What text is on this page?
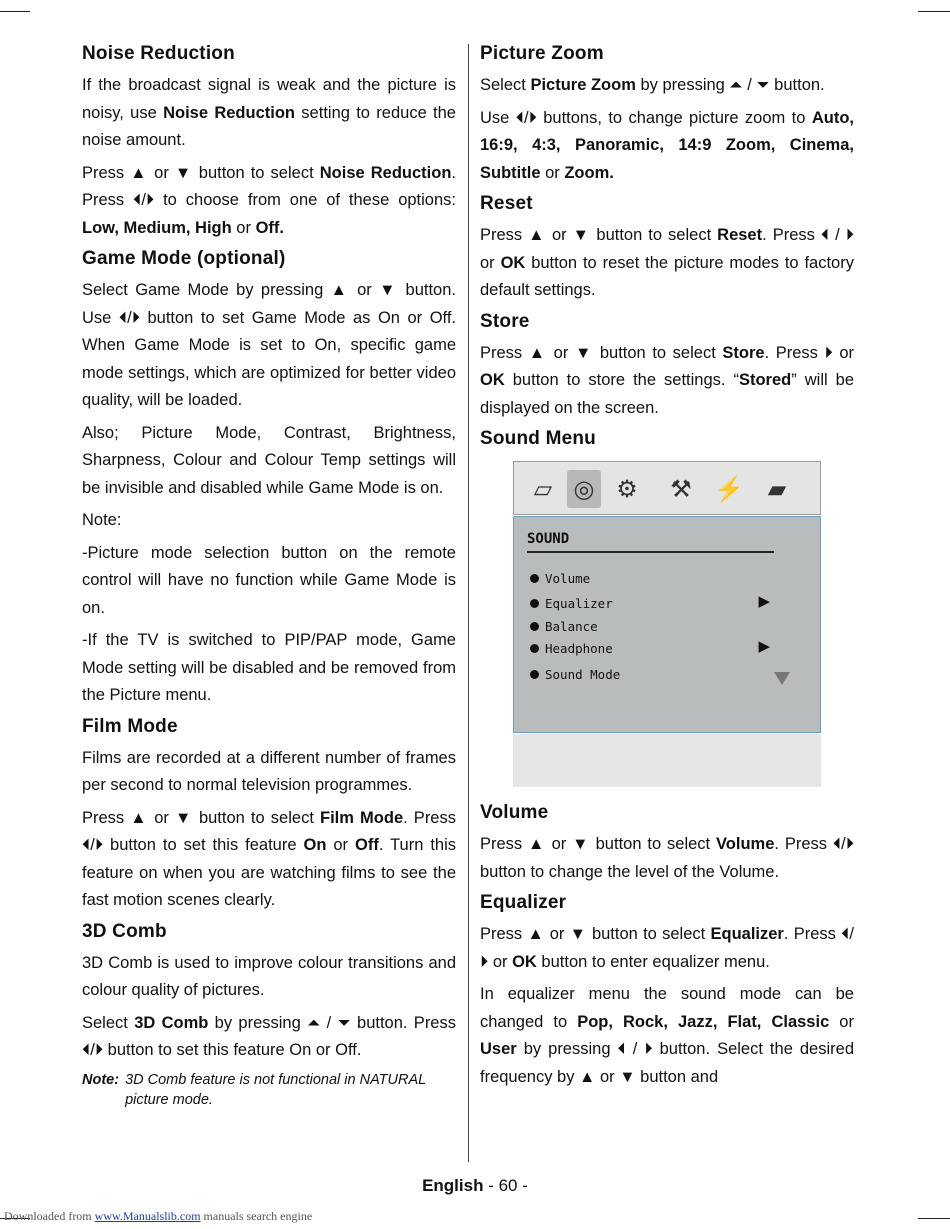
Noise Reduction

If the broadcast signal is weak and the picture is noisy, use Noise Reduction setting to reduce the noise amount.

Press ▲ or ▼ button to select Noise Reduction. Press ⏴/⏵ to choose from one of these options: Low, Medium, High or Off.

Game Mode (optional)

Select Game Mode by pressing ▲ or ▼ button. Use ⏴/⏵ button to set Game Mode as On or Off. When Game Mode is set to On, specific game mode settings, which are optimized for better video quality, will be loaded.

Also; Picture Mode, Contrast, Brightness, Sharpness, Colour and Colour Temp settings will be invisible and disabled while Game Mode is on.

Note:

-Picture mode selection button on the remote control will have no function while Game Mode is on.

-If the TV is switched to PIP/PAP mode, Game Mode setting will be disabled and be removed from the Picture menu.

Film Mode

Films are recorded at a different number of frames per second to normal television programmes.

Press ▲ or ▼ button to select Film Mode. Press ⏴/⏵ button to set this feature On or Off. Turn this feature on when you are watching films to see the fast motion scenes clearly.

3D Comb

3D Comb is used to improve colour transitions and colour quality of pictures.

Select 3D Comb by pressing ⏶ / ⏷ button. Press ⏴/⏵ button to set this feature On or Off.

Note: 3D Comb feature is not functional in NATURAL picture mode.
Picture Zoom

Select Picture Zoom by pressing ⏶ / ⏷ button.

Use ⏴/⏵ buttons, to change picture zoom to Auto, 16:9, 4:3, Panoramic, 14:9 Zoom, Cinema, Subtitle or Zoom.

Reset

Press ▲ or ▼ button to select Reset. Press ⏴ / ⏵ or OK button to reset the picture modes to factory default settings.

Store

Press ▲ or ▼ button to select Store. Press ⏵ or OK button to store the settings. “Stored” will be displayed on the screen.

Sound Menu
▱ ◎ ⚙ ⚒ ⚡ ▰
SOUND
Volume
Equalizer	▶
Balance
Headphone	▶
Sound Mode
Volume

Press ▲ or ▼ button to select Volume. Press ⏴/⏵ button to change the level of the Volume.

Equalizer

Press ▲ or ▼ button to select Equalizer. Press ⏴/⏵ or OK button to enter equalizer menu.

In equalizer menu the sound mode can be changed to Pop, Rock, Jazz, Flat, Classic or User by pressing ⏴ / ⏵ button. Select the desired frequency by ▲ or ▼ button and

English - 60 -
Downloaded from www.Manualslib.com manuals search engine
